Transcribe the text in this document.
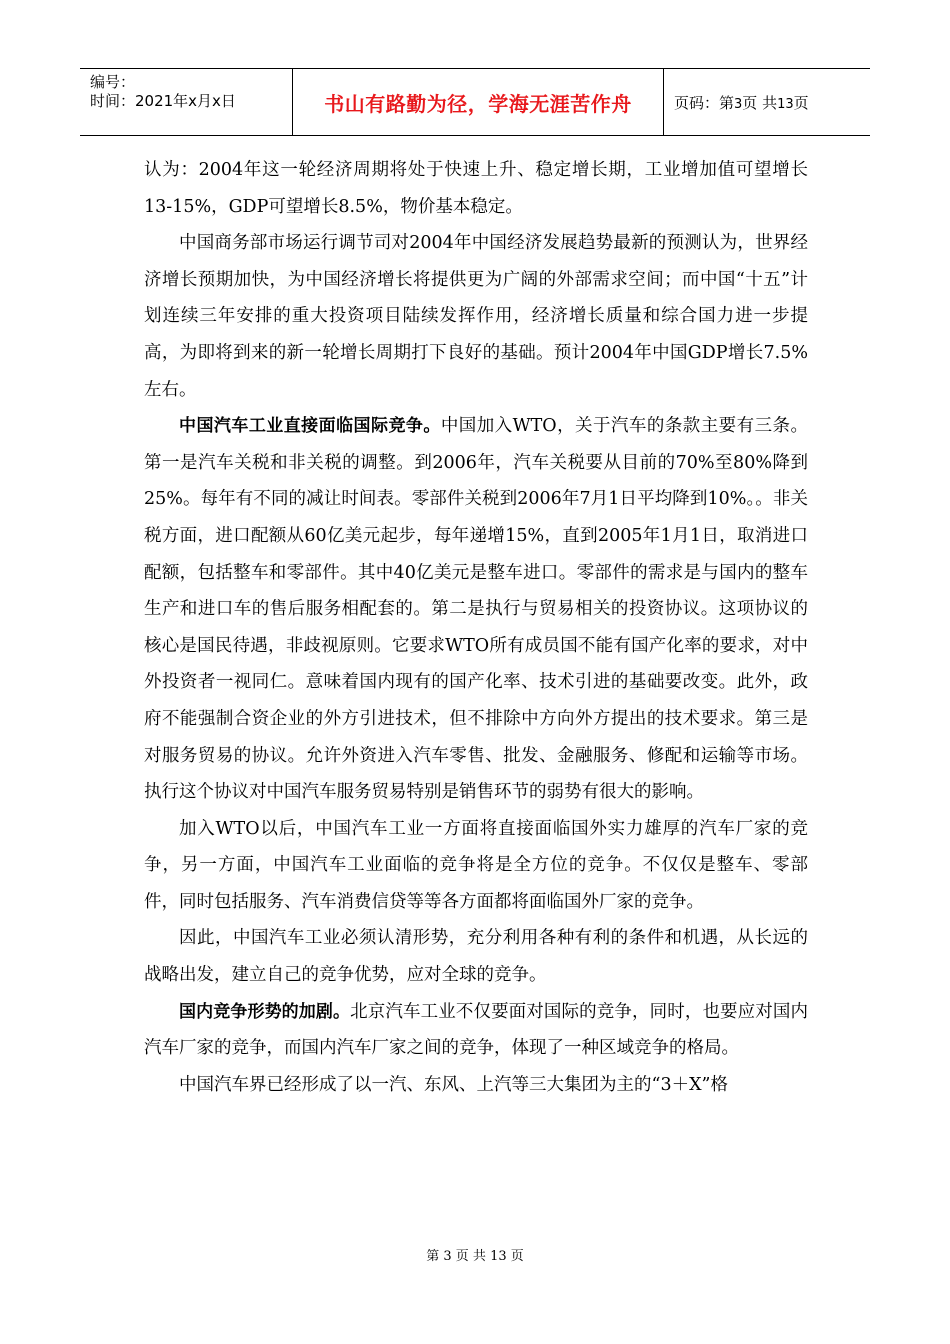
编号：
时间：2021年x月x日	书山有路勤为径，学海无涯苦作舟	页码：第3页 共13页

认为：2004年这一轮经济周期将处于快速上升、稳定增长期，工业增加值可望增长13-15%，GDP可望增长8.5%，物价基本稳定。

中国商务部市场运行调节司对2004年中国经济发展趋势最新的预测认为，世界经济增长预期加快，为中国经济增长将提供更为广阔的外部需求空间；而中国“十五”计划连续三年安排的重大投资项目陆续发挥作用，经济增长质量和综合国力进一步提高，为即将到来的新一轮增长周期打下良好的基础。预计2004年中国GDP增长7.5%左右。

中国汽车工业直接面临国际竞争。中国加入WTO，关于汽车的条款主要有三条。第一是汽车关税和非关税的调整。到2006年，汽车关税要从目前的70%至80%降到25%。每年有不同的减让时间表。零部件关税到2006年7月1日平均降到10%。。非关税方面，进口配额从60亿美元起步，每年递增15%，直到2005年1月1日，取消进口配额，包括整车和零部件。其中40亿美元是整车进口。零部件的需求是与国内的整车生产和进口车的售后服务相配套的。第二是执行与贸易相关的投资协议。这项协议的核心是国民待遇，非歧视原则。它要求WTO所有成员国不能有国产化率的要求，对中外投资者一视同仁。意味着国内现有的国产化率、技术引进的基础要改变。此外，政府不能强制合资企业的外方引进技术，但不排除中方向外方提出的技术要求。第三是对服务贸易的协议。允许外资进入汽车零售、批发、金融服务、修配和运输等市场。执行这个协议对中国汽车服务贸易特别是销售环节的弱势有很大的影响。

加入WTO以后，中国汽车工业一方面将直接面临国外实力雄厚的汽车厂家的竞争，另一方面，中国汽车工业面临的竞争将是全方位的竞争。不仅仅是整车、零部件，同时包括服务、汽车消费信贷等等各方面都将面临国外厂家的竞争。

因此，中国汽车工业必须认清形势，充分利用各种有利的条件和机遇，从长远的战略出发，建立自己的竞争优势，应对全球的竞争。

国内竞争形势的加剧。北京汽车工业不仅要面对国际的竞争，同时，也要应对国内汽车厂家的竞争，而国内汽车厂家之间的竞争，体现了一种区域竞争的格局。

中国汽车界已经形成了以一汽、东风、上汽等三大集团为主的“3＋X”格

第 3 页 共 13 页
